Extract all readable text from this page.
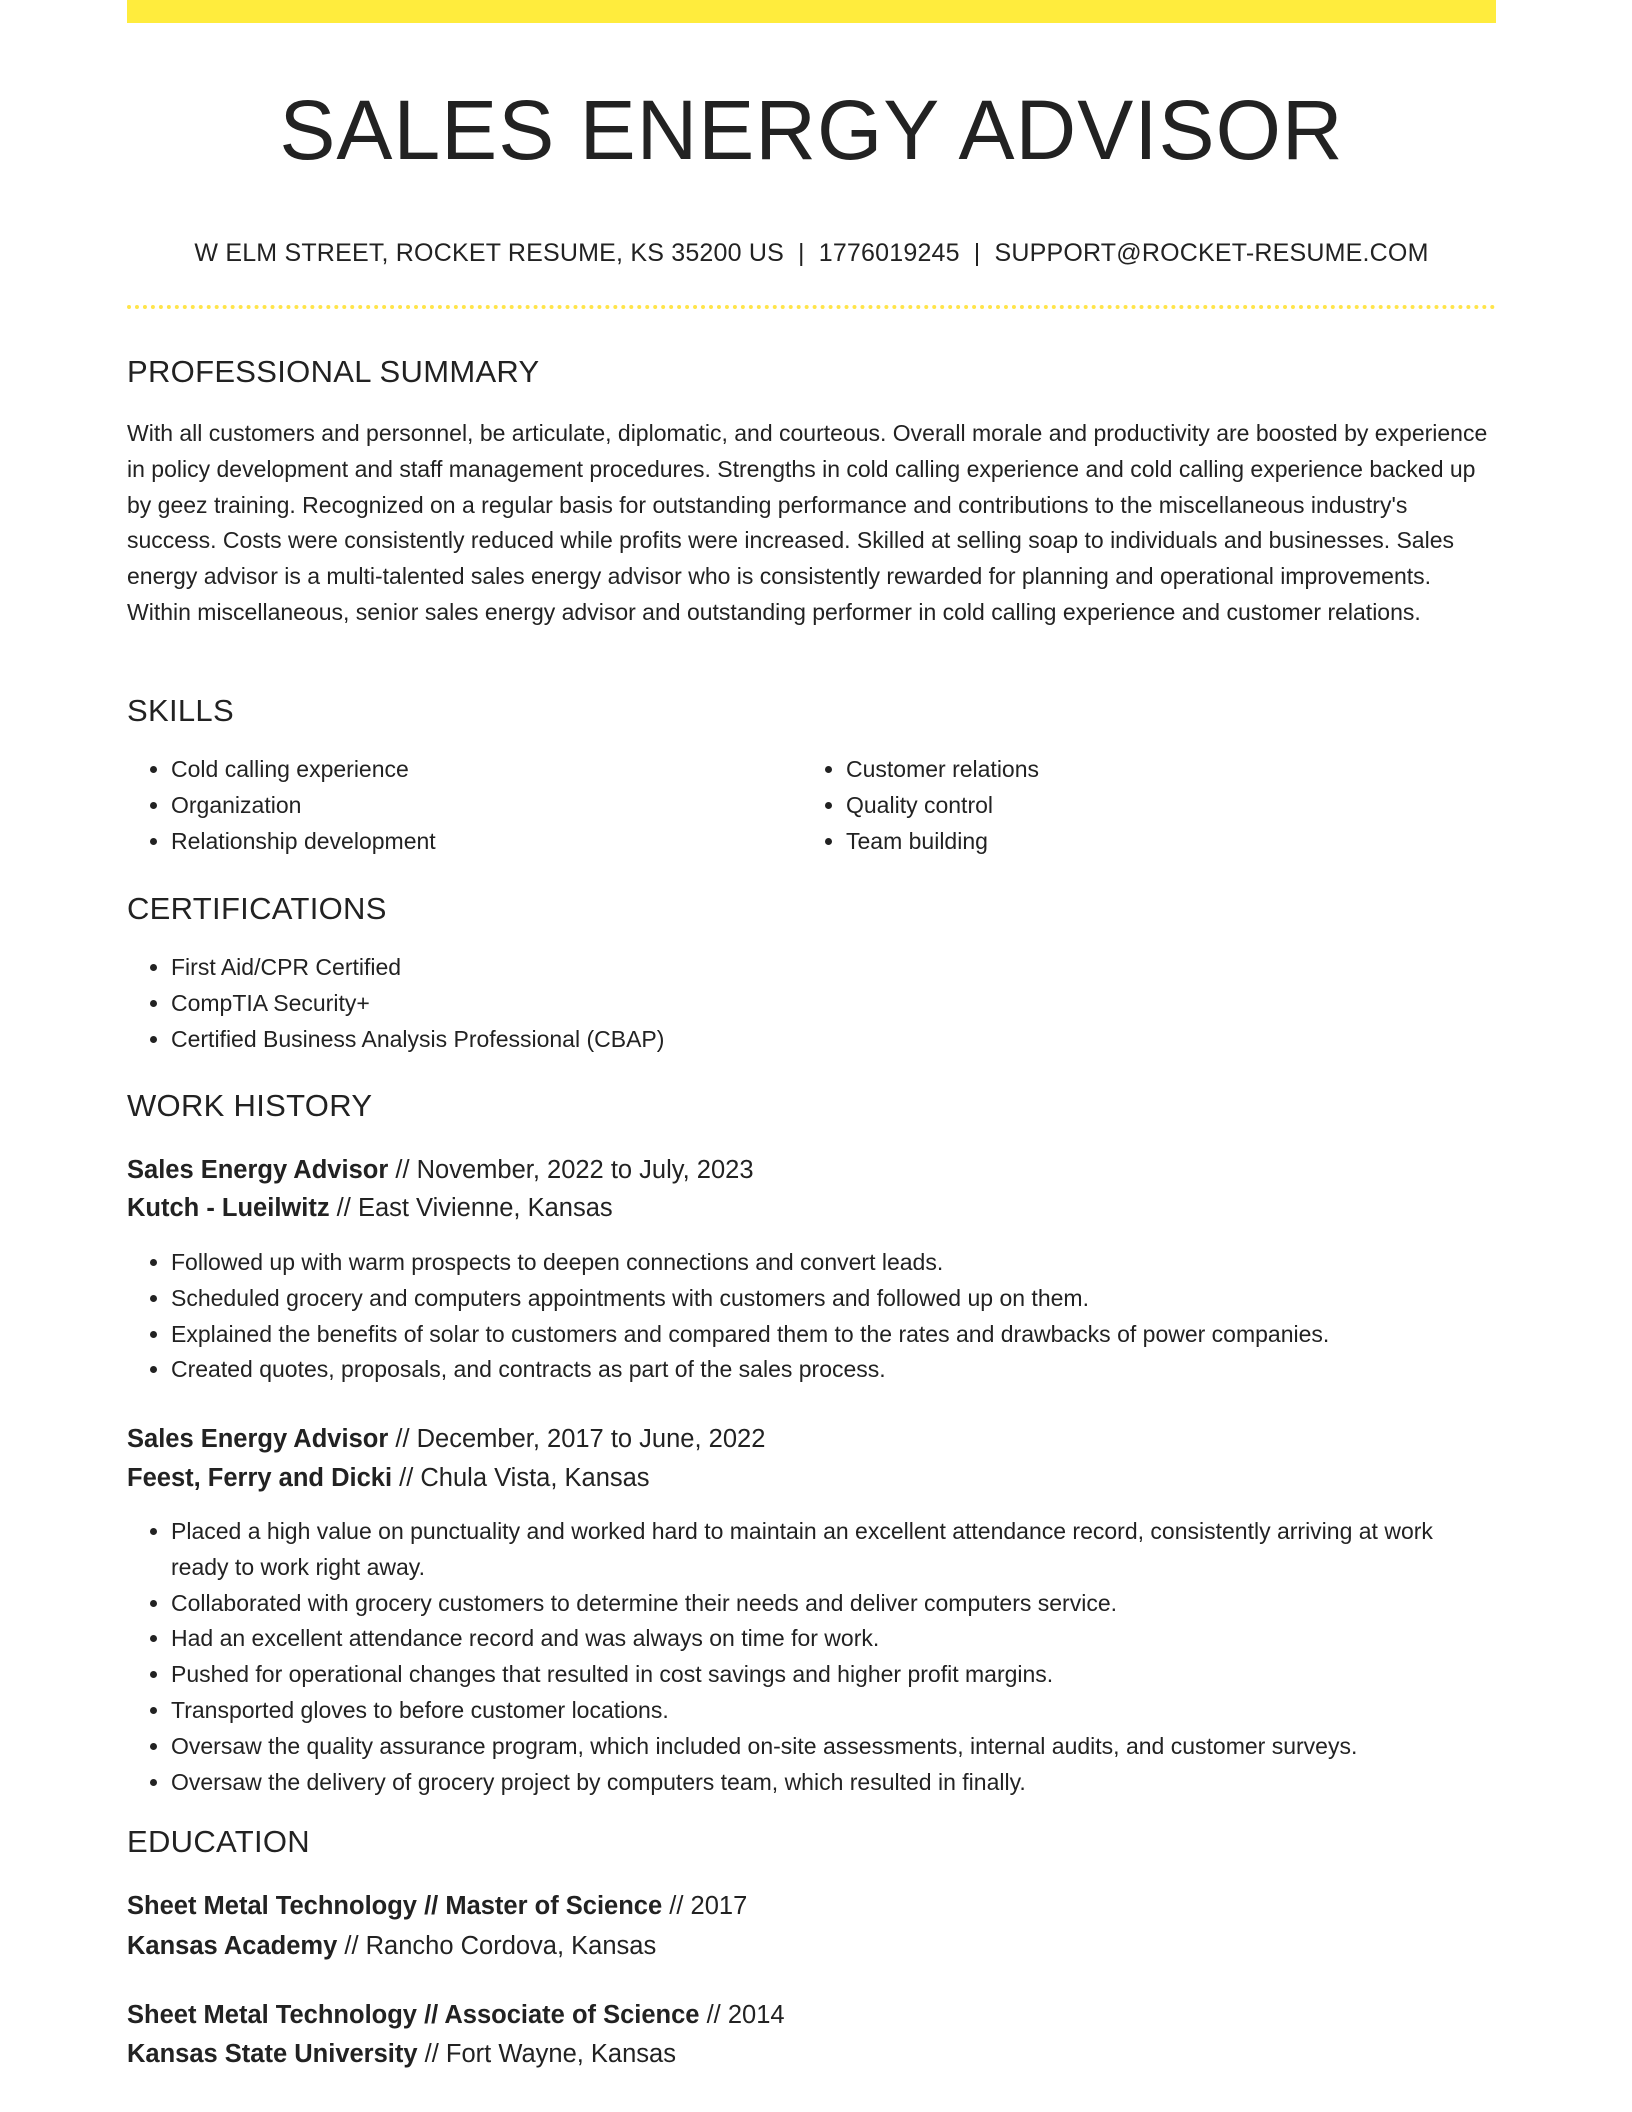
SALES ENERGY ADVISOR
W ELM STREET, ROCKET RESUME, KS 35200 US | 1776019245 | SUPPORT@ROCKET-RESUME.COM
PROFESSIONAL SUMMARY

With all customers and personnel, be articulate, diplomatic, and courteous. Overall morale and productivity are boosted by experience in policy development and staff management procedures. Strengths in cold calling experience and cold calling experience backed up by geez training. Recognized on a regular basis for outstanding performance and contributions to the miscellaneous industry's success. Costs were consistently reduced while profits were increased. Skilled at selling soap to individuals and businesses. Sales energy advisor is a multi-talented sales energy advisor who is consistently rewarded for planning and operational improvements. Within miscellaneous, senior sales energy advisor and outstanding performer in cold calling experience and customer relations.

SKILLS
• Cold calling experience
• Organization
• Relationship development
• Customer relations
• Quality control
• Team building
CERTIFICATIONS
• First Aid/CPR Certified
• CompTIA Security+
• Certified Business Analysis Professional (CBAP)
WORK HISTORY
Sales Energy Advisor // November, 2022 to July, 2023
Kutch - Lueilwitz // East Vivienne, Kansas
• Followed up with warm prospects to deepen connections and convert leads.
• Scheduled grocery and computers appointments with customers and followed up on them.
• Explained the benefits of solar to customers and compared them to the rates and drawbacks of power companies.
• Created quotes, proposals, and contracts as part of the sales process.
Sales Energy Advisor // December, 2017 to June, 2022
Feest, Ferry and Dicki // Chula Vista, Kansas
• Placed a high value on punctuality and worked hard to maintain an excellent attendance record, consistently arriving at work ready to work right away.
• Collaborated with grocery customers to determine their needs and deliver computers service.
• Had an excellent attendance record and was always on time for work.
• Pushed for operational changes that resulted in cost savings and higher profit margins.
• Transported gloves to before customer locations.
• Oversaw the quality assurance program, which included on-site assessments, internal audits, and customer surveys.
• Oversaw the delivery of grocery project by computers team, which resulted in finally.
EDUCATION
Sheet Metal Technology // Master of Science // 2017
Kansas Academy // Rancho Cordova, Kansas
Sheet Metal Technology // Associate of Science // 2014
Kansas State University // Fort Wayne, Kansas
